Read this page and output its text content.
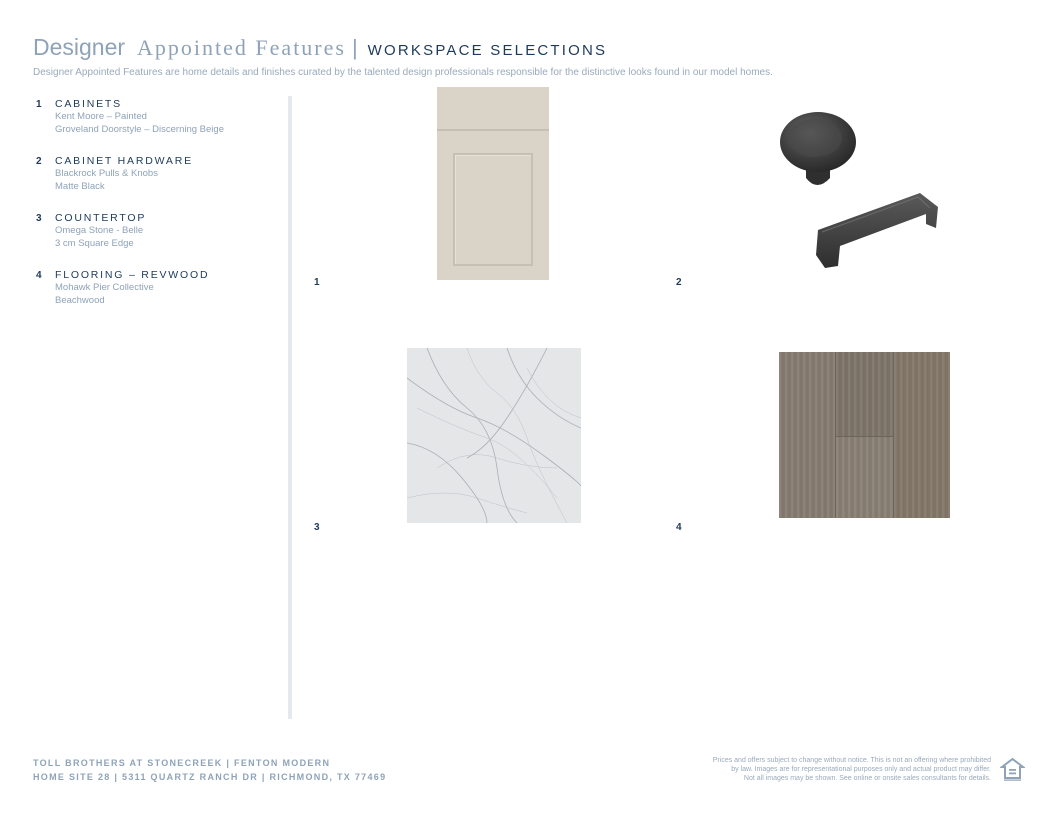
Designer Appointed Features | WORKSPACE SELECTIONS
Designer Appointed Features are home details and finishes curated by the talented design professionals responsible for the distinctive looks found in our model homes.
1	CABINETS
Kent Moore – Painted
Groveland Doorstyle – Discerning Beige
2	CABINET HARDWARE
Blackrock Pulls & Knobs
Matte Black
3	COUNTERTOP
Omega Stone - Belle
3 cm Square Edge
4	FLOORING – REVWOOD
Mohawk Pier Collective
Beachwood
1	2
3	4
TOLL BROTHERS AT STONECREEK | FENTON MODERN
HOME SITE 28 | 5311 QUARTZ RANCH DR | RICHMOND, TX 77469
Prices and offers subject to change without notice. This is not an offering where prohibited
by law. Images are for representational purposes only and actual product may differ.
Not all images may be shown. See online or onsite sales consultants for details.
